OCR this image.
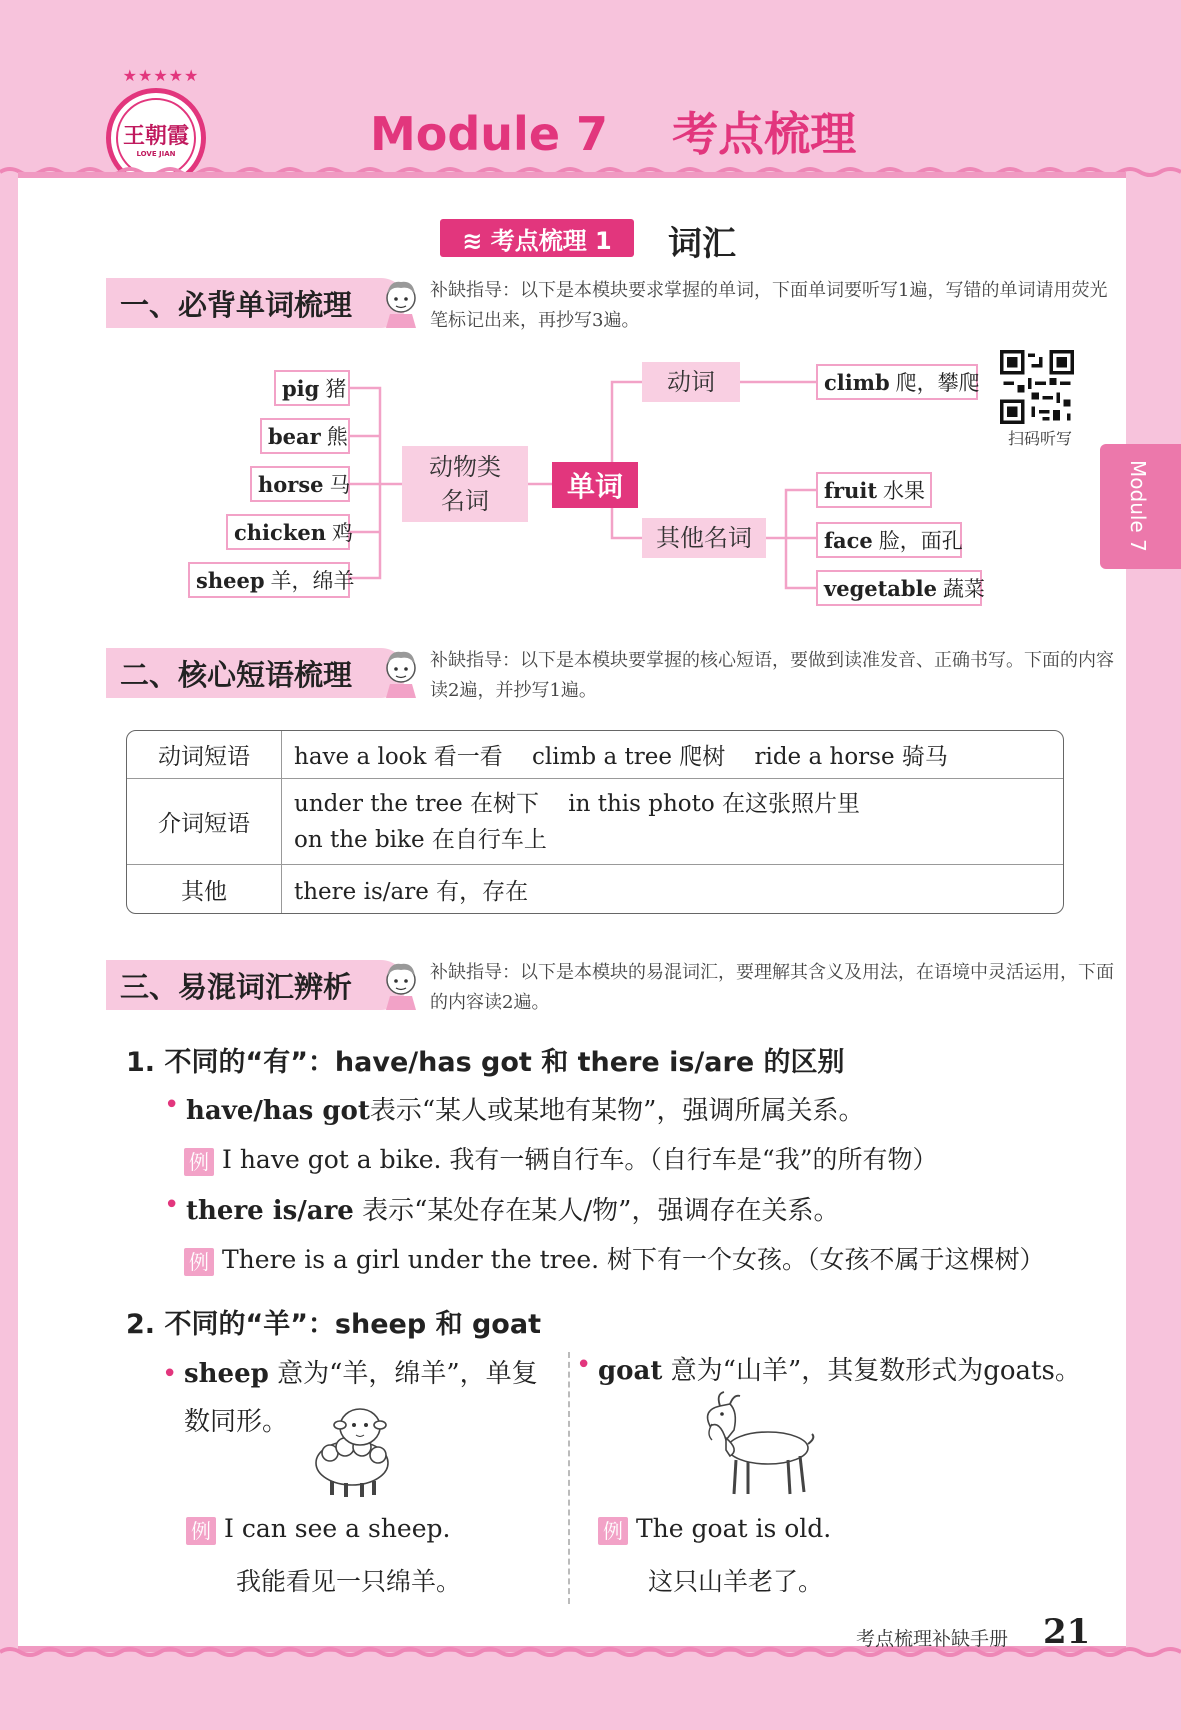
★★★★★
王朝霞
LOVE JIAN	Module 7    考点梳理
Module 7
≋ 考点梳理 1	词汇
一、必背单词梳理	补缺指导：以下是本模块要求掌握的单词，下面单词要听写1遍，写错的单词请用荧光笔标记出来，再抄写3遍。
pig 猪
bear 熊
horse 马
chicken 鸡
sheep 羊，绵羊
动物类
名词	单词
动词
其他名词
climb 爬，攀爬
fruit 水果
face 脸，面孔
vegetable 蔬菜
扫码听写
二、核心短语梳理	补缺指导：以下是本模块要掌握的核心短语，要做到读准发音、正确书写。下面的内容读2遍，并抄写1遍。
动词短语	have a look 看一看    climb a tree 爬树    ride a horse 骑马
介词短语	under the tree 在树下    in this photo 在这张照片里
on the bike 在自行车上

其他	there is/are 有，存在
三、易混词汇辨析	补缺指导：以下是本模块的易混词汇，要理解其含义及用法，在语境中灵活运用，下面的内容读2遍。
1. 不同的“有”：have/has got 和 there is/are 的区别
• have/has got表示“某人或某地有某物”，强调所属关系。
例 I have got a bike. 我有一辆自行车。（自行车是“我”的所有物）
• there is/are 表示“某处存在某人/物”，强调存在关系。
例 There is a girl under the tree. 树下有一个女孩。（女孩不属于这棵树）
2. 不同的“羊”：sheep 和 goat
• sheep 意为“羊，绵羊”，单复数同形。
例 I can see a sheep.
我能看见一只绵羊。
• goat 意为“山羊”，其复数形式为goats。
例 The goat is old.
这只山羊老了。
考点梳理补缺手册 21
